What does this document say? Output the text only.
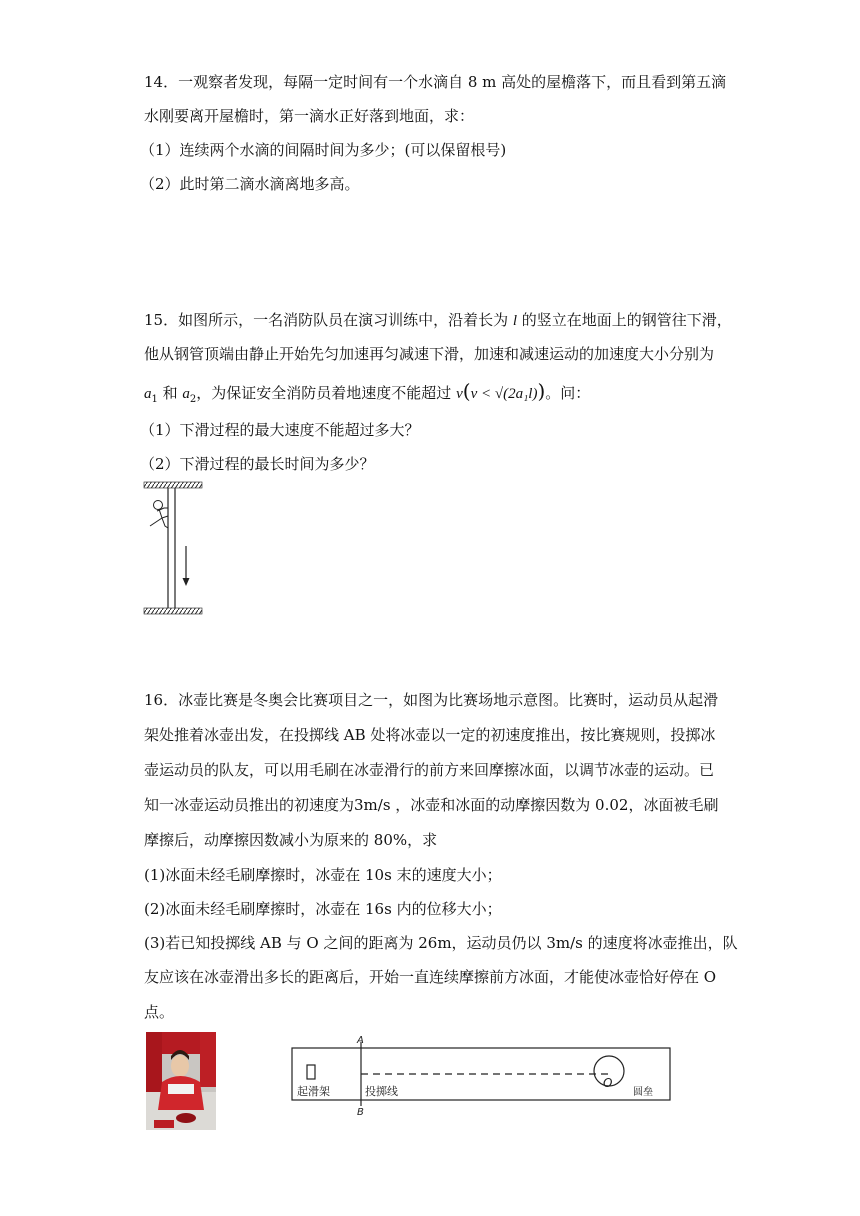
14．一观察者发现，每隔一定时间有一个水滴自 8 m 高处的屋檐落下，而且看到第五滴
水刚要离开屋檐时，第一滴水正好落到地面，求：
（1）连续两个水滴的间隔时间为多少；(可以保留根号)
（2）此时第二滴水滴离地多高。
15．如图所示，一名消防队员在演习训练中，沿着长为 l 的竖立在地面上的钢管往下滑，
他从钢管顶端由静止开始先匀加速再匀减速下滑，加速和减速运动的加速度大小分别为
$a_1$ 和 $a_2$，为保证安全消防员着地速度不能超过 v(v < √(2a₁l))。问：
（1）下滑过程的最大速度不能超过多大？
（2）下滑过程的最长时间为多少？
16．冰壶比赛是冬奥会比赛项目之一，如图为比赛场地示意图。比赛时，运动员从起滑
架处推着冰壶出发，在投掷线 AB 处将冰壶以一定的初速度推出，按比赛规则，投掷冰
壶运动员的队友，可以用毛刷在冰壶滑行的前方来回摩擦冰面，以调节冰壶的运动。已
知一冰壶运动员推出的初速度为3m/s ，冰壶和冰面的动摩擦因数为 0.02，冰面被毛刷
摩擦后，动摩擦因数减小为原来的 80%，求
(1)冰面未经毛刷摩擦时，冰壶在 10s 末的速度大小；
(2)冰面未经毛刷摩擦时，冰壶在 16s 内的位移大小；
(3)若已知投掷线 AB 与 O 之间的距离为 26m，运动员仍以 3m/s 的速度将冰壶推出，队
友应该在冰壶滑出多长的距离后，开始一直连续摩擦前方冰面，才能使冰壶恰好停在 O
点。
A
B
起滑架	投掷线
O
圆垒
